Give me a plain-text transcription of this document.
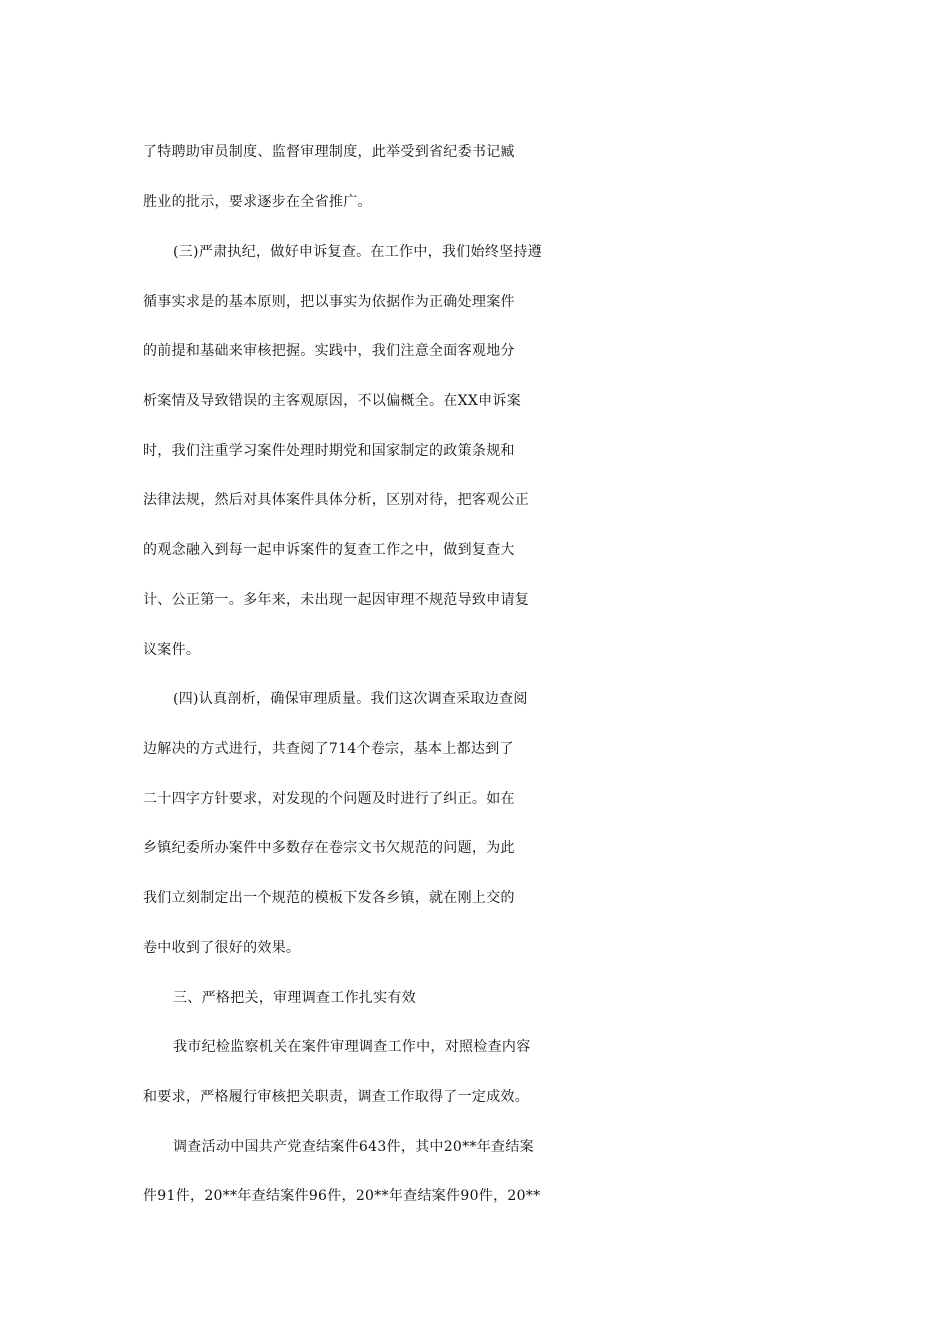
了特聘助审员制度、监督审理制度，此举受到省纪委书记臧
胜业的批示，要求逐步在全省推广。
(三)严肃执纪，做好申诉复查。在工作中，我们始终坚持遵
循事实求是的基本原则，把以事实为依据作为正确处理案件
的前提和基础来审核把握。实践中，我们注意全面客观地分
析案情及导致错误的主客观原因，不以偏概全。在XX申诉案
时，我们注重学习案件处理时期党和国家制定的政策条规和
法律法规，然后对具体案件具体分析，区别对待，把客观公正
的观念融入到每一起申诉案件的复查工作之中，做到复查大
计、公正第一。多年来，未出现一起因审理不规范导致申请复
议案件。
(四)认真剖析，确保审理质量。我们这次调查采取边查阅
边解决的方式进行，共查阅了714个卷宗，基本上都达到了
二十四字方针要求，对发现的个问题及时进行了纠正。如在
乡镇纪委所办案件中多数存在卷宗文书欠规范的问题，为此
我们立刻制定出一个规范的模板下发各乡镇，就在刚上交的
卷中收到了很好的效果。
三、严格把关，审理调查工作扎实有效
我市纪检监察机关在案件审理调查工作中，对照检查内容
和要求，严格履行审核把关职责，调查工作取得了一定成效。
调查活动中国共产党查结案件643件，其中20**年查结案
件91件，20**年查结案件96件，20**年查结案件90件，20**
